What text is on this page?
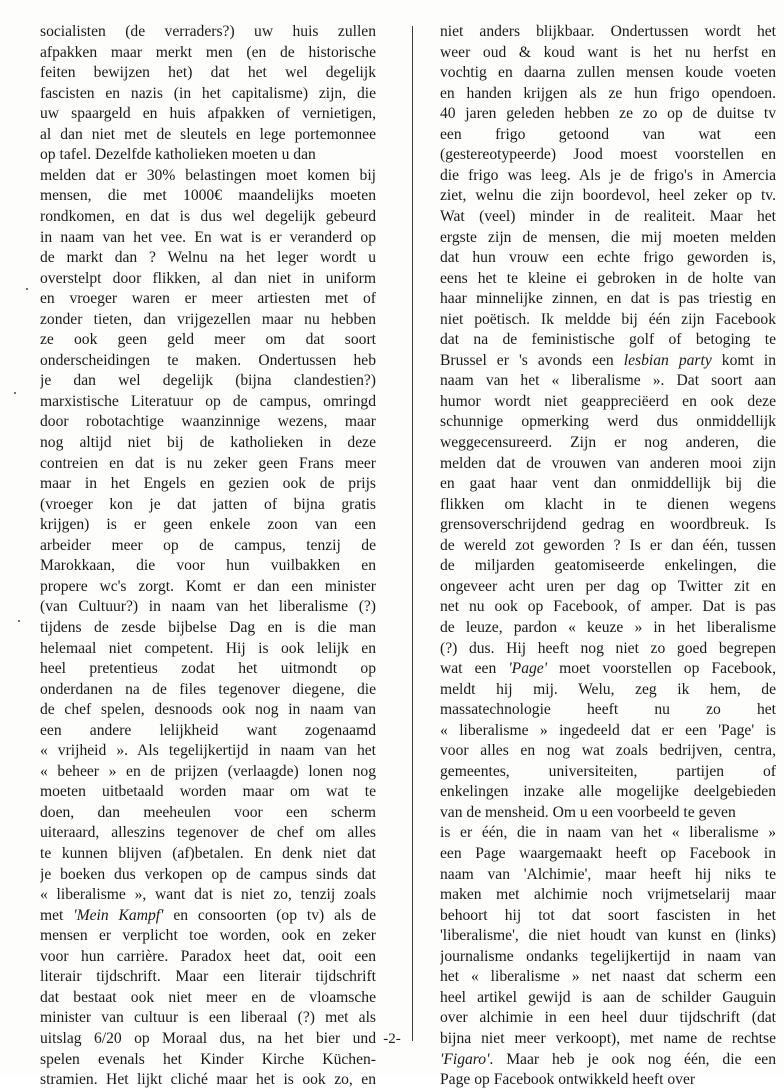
socialisten (de verraders?) uw huis zullen
afpakken maar merkt men (en de historische
feiten bewijzen het) dat het wel degelijk
fascisten en nazis (in het capitalisme) zijn, die
uw spaargeld en huis afpakken of vernietigen,
al dan niet met de sleutels en lege portemonnee
op tafel. Dezelfde katholieken moeten u dan
melden dat er 30% belastingen moet komen bij
mensen, die met 1000€ maandelijks moeten
rondkomen, en dat is dus wel degelijk gebeurd
in naam van het vee. En wat is er veranderd op
de markt dan ? Welnu na het leger wordt u
overstelpt door flikken, al dan niet in uniform
en vroeger waren er meer artiesten met of
zonder tieten, dan vrijgezellen maar nu hebben
ze ook geen geld meer om dat soort
onderscheidingen te maken. Ondertussen heb
je dan wel degelijk (bijna clandestien?)
marxistische Literatuur op de campus, omringd
door robotachtige waanzinnige wezens, maar
nog altijd niet bij de katholieken in deze
contreien en dat is nu zeker geen Frans meer
maar in het Engels en gezien ook de prijs
(vroeger kon je dat jatten of bijna gratis
krijgen) is er geen enkele zoon van een
arbeider meer op de campus, tenzij de
Marokkaan, die voor hun vuilbakken en
propere wc's zorgt. Komt er dan een minister
(van Cultuur?) in naam van het liberalisme (?)
tijdens de zesde bijbelse Dag en is die man
helemaal niet competent. Hij is ook lelijk en
heel pretentieus zodat het uitmondt op
onderdanen na de files tegenover diegene, die
de chef spelen, desnoods ook nog in naam van
een andere lelijkheid want zogenaamd
« vrijheid ». Als tegelijkertijd in naam van het
« beheer » en de prijzen (verlaagde) lonen nog
moeten uitbetaald worden maar om wat te
doen, dan meeheulen voor een scherm
uiteraard, alleszins tegenover de chef om alles
te kunnen blijven (af)betalen. En denk niet dat
je boeken dus verkopen op de campus sinds dat
« liberalisme », want dat is niet zo, tenzij zoals
met 'Mein Kampf' en consoorten (op tv) als de
mensen er verplicht toe worden, ook en zeker
voor hun carrière. Paradox heet dat, ooit een
literair tijdschrift. Maar een literair tijdschrift
dat bestaat ook niet meer en de vloamsche
minister van cultuur is een liberaal (?) met als
uitslag 6/20 op Moraal dus, na het bier und
spelen evenals het Kinder Kirche Küchen-
stramien. Het lijkt cliché maar het is ook zo, en
niet anders blijkbaar. Ondertussen wordt het
weer oud & koud want is het nu herfst en
vochtig en daarna zullen mensen koude voeten
en handen krijgen als ze hun frigo opendoen.
40 jaren geleden hebben ze zo op de duitse tv
een frigo getoond van wat een
(gestereotypeerde) Jood moest voorstellen en
die frigo was leeg. Als je de frigo's in Amercia
ziet, welnu die zijn boordevol, heel zeker op tv.
Wat (veel) minder in de realiteit. Maar het
ergste zijn de mensen, die mij moeten melden
dat hun vrouw een echte frigo geworden is,
eens het te kleine ei gebroken in de holte van
haar minnelijke zinnen, en dat is pas triestig en
niet poëtisch. Ik meldde bij één zijn Facebook
dat na de feministische golf of betoging te
Brussel er 's avonds een lesbian party komt in
naam van het « liberalisme ». Dat soort aan
humor wordt niet geappreciëerd en ook deze
schunnige opmerking werd dus onmiddellijk
weggecensureerd. Zijn er nog anderen, die
melden dat de vrouwen van anderen mooi zijn
en gaat haar vent dan onmiddellijk bij die
flikken om klacht in te dienen wegens
grensoverschrijdend gedrag en woordbreuk. Is
de wereld zot geworden ? Is er dan één, tussen
de miljarden geatomiseerde enkelingen, die
ongeveer acht uren per dag op Twitter zit en
net nu ook op Facebook, of amper. Dat is pas
de leuze, pardon « keuze » in het liberalisme
(?) dus. Hij heeft nog niet zo goed begrepen
wat een 'Page' moet voorstellen op Facebook,
meldt hij mij. Welu, zeg ik hem, de
massatechnologie heeft nu zo het
« liberalisme » ingedeeld dat er een 'Page' is
voor alles en nog wat zoals bedrijven, centra,
gemeentes, universiteiten, partijen of
enkelingen inzake alle mogelijke deelgebieden
van de mensheid. Om u een voorbeeld te geven
is er één, die in naam van het « liberalisme »
een Page waargemaakt heeft op Facebook in
naam van 'Alchimie', maar heeft hij niks te
maken met alchimie noch vrijmetselarij maar
behoort hij tot dat soort fascisten in het
'liberalisme', die niet houdt van kunst en (links)
journalisme ondanks tegelijkertijd in naam van
het « liberalisme » net naast dat scherm een
heel artikel gewijd is aan de schilder Gauguin
over alchimie in een heel duur tijdschrift (dat
bijna niet meer verkoopt), met name de rechtse
'Figaro'. Maar heb je ook nog één, die een
Page op Facebook ontwikkeld heeft over
-2-
